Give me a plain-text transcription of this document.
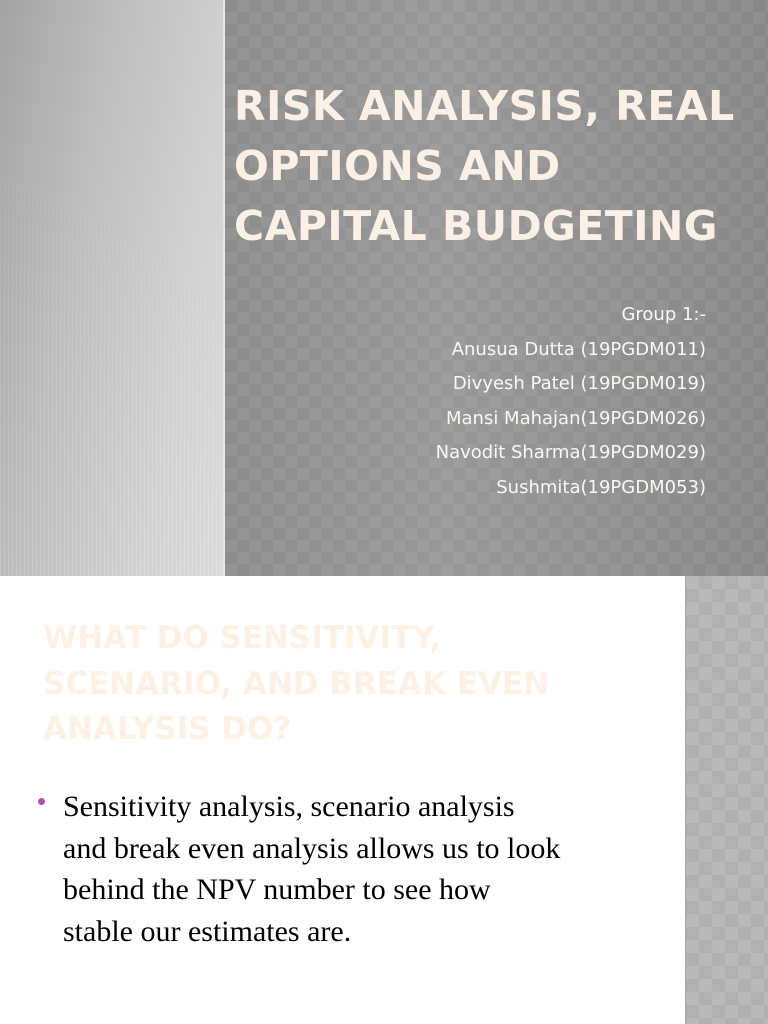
RISK ANALYSIS, REAL
OPTIONS AND
CAPITAL BUDGETING
Group 1:-
Anusua Dutta (19PGDM011)
Divyesh Patel (19PGDM019)
Mansi Mahajan(19PGDM026)
Navodit Sharma(19PGDM029)
Sushmita(19PGDM053)
WHAT DO SENSITIVITY,
SCENARIO, AND BREAK EVEN
ANALYSIS DO?
Sensitivity analysis, scenario analysis
and break even analysis allows us to look
behind the NPV number to see how
stable our estimates are.
